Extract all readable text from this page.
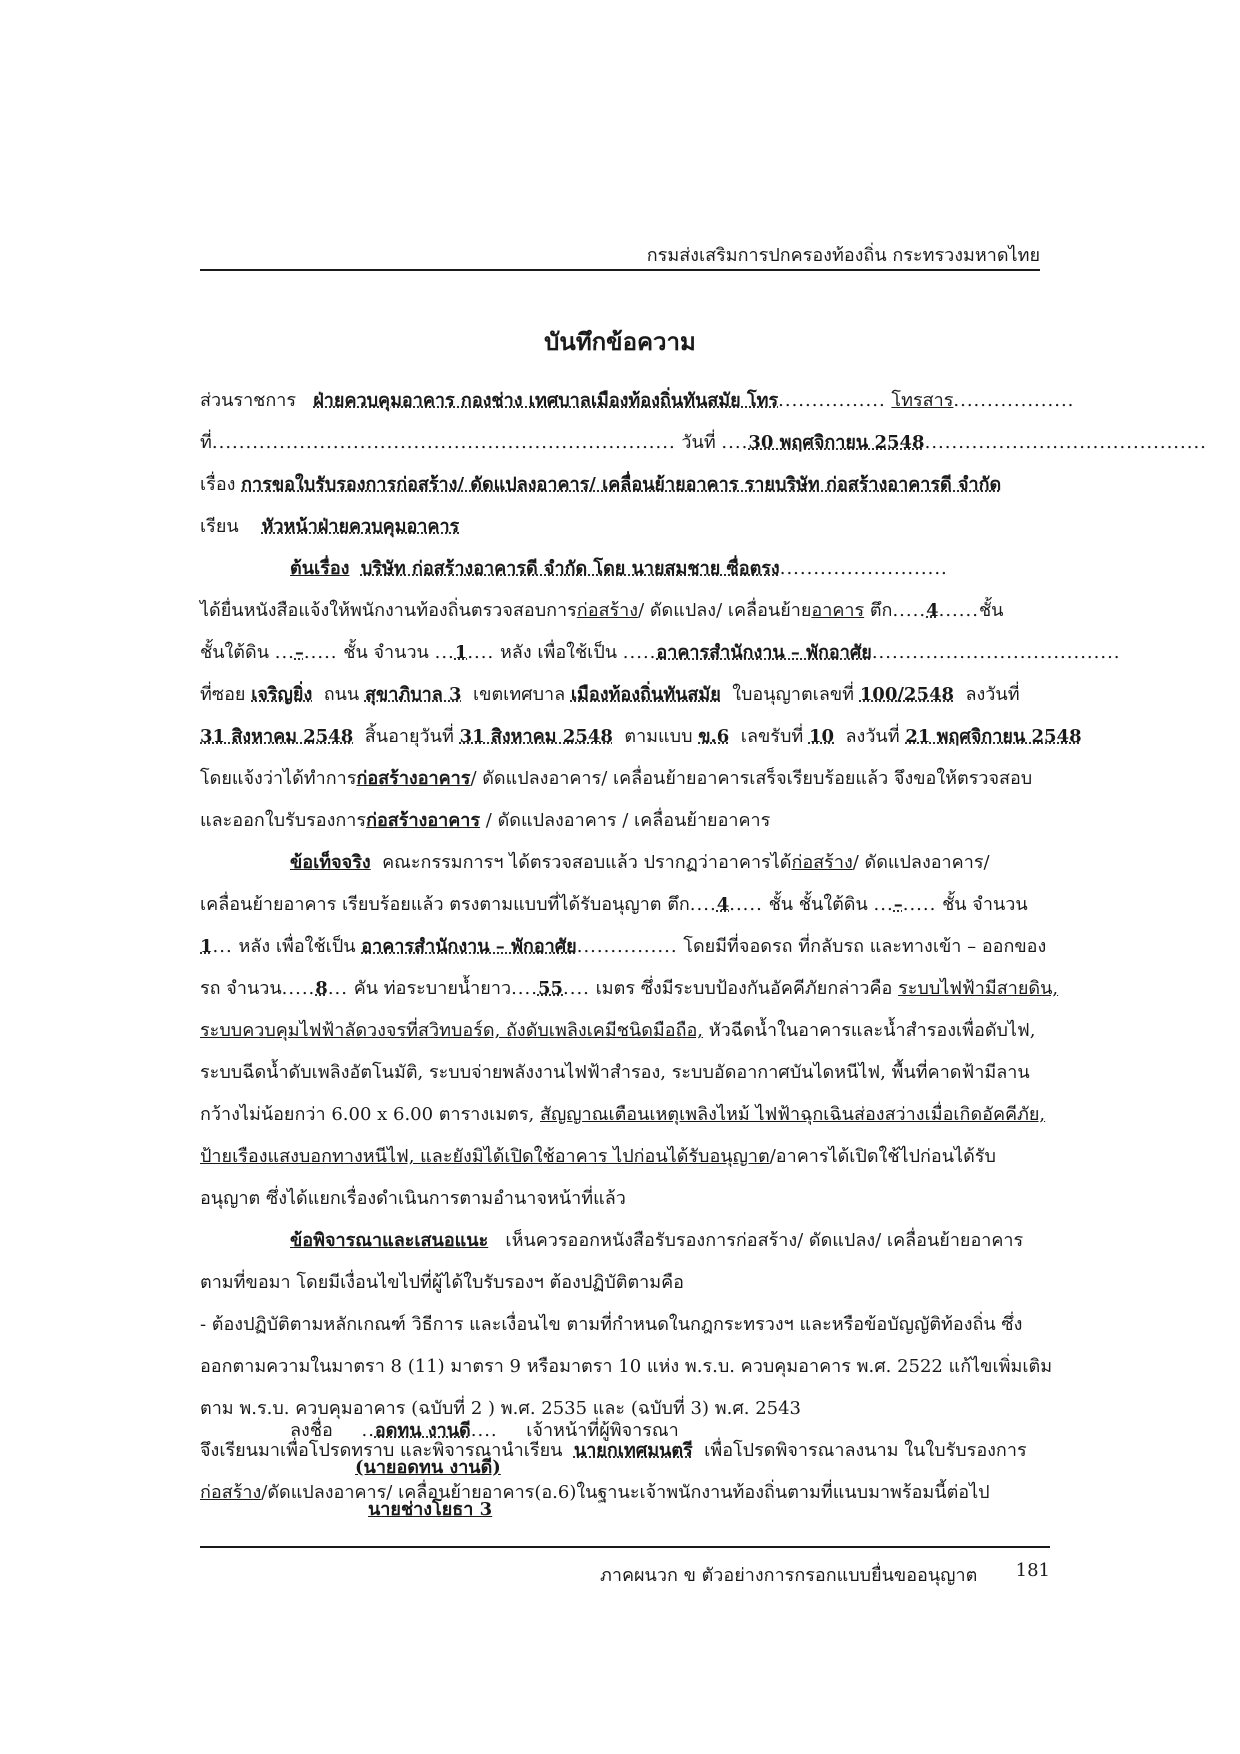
กรมส่งเสริมการปกครองท้องถิ่น กระทรวงมหาดไทย
บันทึกข้อความ
ส่วนราชการ ฝ่ายควบคุมอาคาร กองช่าง เทศบาลเมืองท้องถิ่นทันสมัย โทร................ โทรสาร..................
ที่..................................................................... วันที่ ....30 พฤศจิกายน 2548..........................................
เรื่อง การขอใบรับรองการก่อสร้าง/ ดัดแปลงอาคาร/ เคลื่อนย้ายอาคาร รายบริษัท ก่อสร้างอาคารดี จำกัด
เรียน หัวหน้าฝ่ายควบคุมอาคาร
ต้นเรื่อง บริษัท ก่อสร้างอาคารดี จำกัด โดย นายสมชาย ซื่อตรง.........................
ได้ยื่นหนังสือแจ้งให้พนักงานท้องถิ่นตรวจสอบการก่อสร้าง/ ดัดแปลง/ เคลื่อนย้ายอาคาร ตึก.....4......ชั้น
ชั้นใต้ดิน ...–..... ชั้น จำนวน ...1.... หลัง เพื่อใช้เป็น .....อาคารสำนักงาน – พักอาศัย.....................................
ที่ซอย เจริญยิ่ง ถนน สุขาภิบาล 3 เขตเทศบาล เมืองท้องถิ่นทันสมัย ใบอนุญาตเลขที่ 100/2548 ลงวันที่
31 สิงหาคม 2548 สิ้นอายุวันที่ 31 สิงหาคม 2548 ตามแบบ ข.6 เลขรับที่ 10 ลงวันที่ 21 พฤศจิกายน 2548
โดยแจ้งว่าได้ทำการก่อสร้างอาคาร/ ดัดแปลงอาคาร/ เคลื่อนย้ายอาคารเสร็จเรียบร้อยแล้ว จึงขอให้ตรวจสอบ
และออกใบรับรองการก่อสร้างอาคาร / ดัดแปลงอาคาร / เคลื่อนย้ายอาคาร
ข้อเท็จจริง คณะกรรมการฯ ได้ตรวจสอบแล้ว ปรากฏว่าอาคารได้ก่อสร้าง/ ดัดแปลงอาคาร/
เคลื่อนย้ายอาคาร เรียบร้อยแล้ว ตรงตามแบบที่ได้รับอนุญาต ตึก....4..... ชั้น ชั้นใต้ดิน ...–..... ชั้น จำนวน
1... หลัง เพื่อใช้เป็น อาคารสำนักงาน – พักอาศัย............... โดยมีที่จอดรถ ที่กลับรถ และทางเข้า – ออกของ
รถ จำนวน.....8... คัน ท่อระบายน้ำยาว....55.... เมตร ซึ่งมีระบบป้องกันอัคคีภัยกล่าวคือ ระบบไฟฟ้ามีสายดิน,
ระบบควบคุมไฟฟ้าลัดวงจรที่สวิทบอร์ด, ถังดับเพลิงเคมีชนิดมือถือ, หัวฉีดน้ำในอาคารและน้ำสำรองเพื่อดับไฟ,
ระบบฉีดน้ำดับเพลิงอัตโนมัติ, ระบบจ่ายพลังงานไฟฟ้าสำรอง, ระบบอัดอากาศบันไดหนีไฟ, พื้นที่คาดฟ้ามีลาน
กว้างไม่น้อยกว่า 6.00 x 6.00 ตารางเมตร, สัญญาณเตือนเหตุเพลิงไหม้ ไฟฟ้าฉุกเฉินส่องสว่างเมื่อเกิดอัคคีภัย,
ป้ายเรืองแสงบอกทางหนีไฟ, และยังมิได้เปิดใช้อาคาร ไปก่อนได้รับอนุญาต/อาคารได้เปิดใช้ไปก่อนได้รับ
อนุญาต ซึ่งได้แยกเรื่องดำเนินการตามอำนาจหน้าที่แล้ว
ข้อพิจารณาและเสนอแนะ เห็นควรออกหนังสือรับรองการก่อสร้าง/ ดัดแปลง/ เคลื่อนย้ายอาคาร
ตามที่ขอมา โดยมีเงื่อนไขไปที่ผู้ได้ใบรับรองฯ ต้องปฏิบัติตามคือ
- ต้องปฏิบัติตามหลักเกณฑ์ วิธีการ และเงื่อนไข ตามที่กำหนดในกฎกระทรวงฯ และหรือข้อบัญญัติท้องถิ่น ซึ่ง
ออกตามความในมาตรา 8 (11) มาตรา 9 หรือมาตรา 10 แห่ง พ.ร.บ. ควบคุมอาคาร พ.ศ. 2522 แก้ไขเพิ่มเติม
ตาม พ.ร.บ. ควบคุมอาคาร (ฉบับที่ 2 ) พ.ศ. 2535 และ (ฉบับที่ 3) พ.ศ. 2543
จึงเรียนมาเพื่อโปรดทราบ และพิจารณานำเรียน นายกเทศมนตรี เพื่อโปรดพิจารณาลงนาม ในใบรับรองการ
ก่อสร้าง/ดัดแปลงอาคาร/ เคลื่อนย้ายอาคาร(อ.6)ในฐานะเจ้าพนักงานท้องถิ่นตามที่แนบมาพร้อมนี้ต่อไป
ลงชื่อ ..อดทน งานดี.... เจ้าหน้าที่ผู้พิจารณา
(นายอดทน งานดี)
นายช่างโยธา 3
ภาคผนวก ข ตัวอย่างการกรอกแบบยื่นขออนุญาต 181
